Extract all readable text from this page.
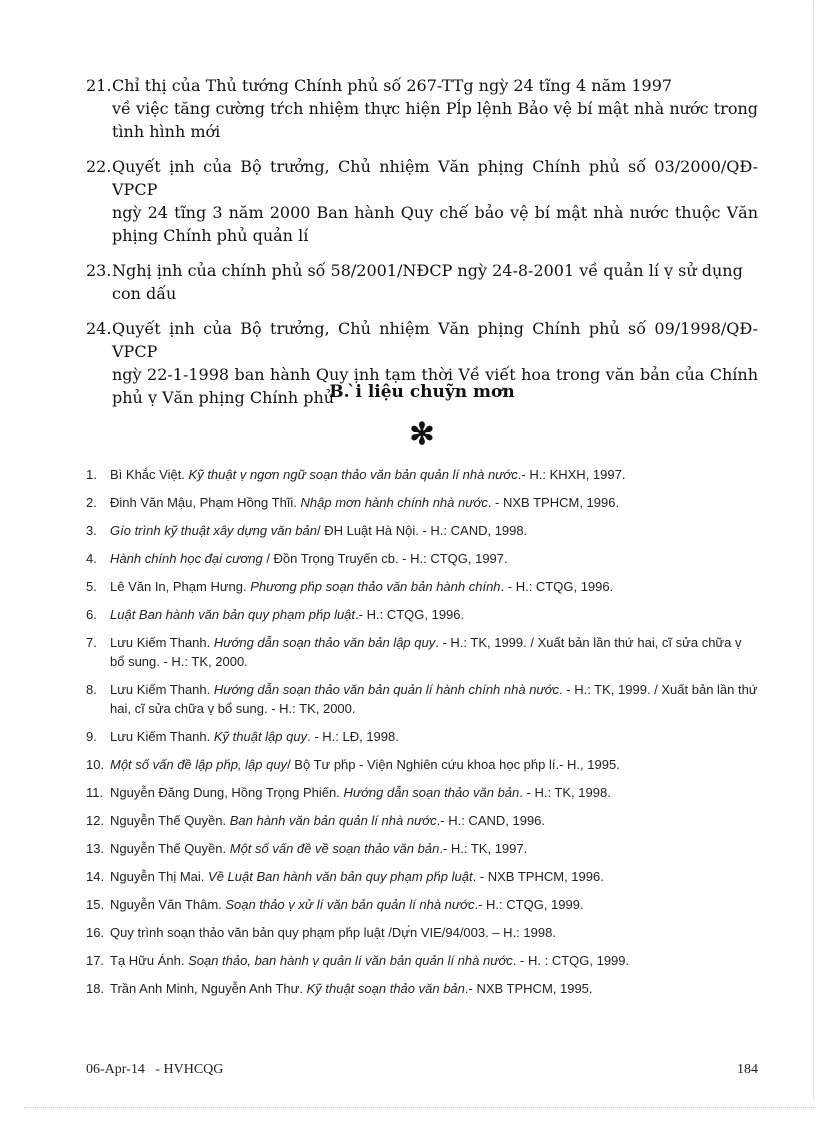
21. Chỉ thị của Thủ tướng Chính phủ số 267-TTg ngỳ 24 tĩng 4 năm 1997
về việc tăng cường tŕch nhiệm thực hiện Pĺp lệnh Bảo vệ bí mật nhà nước trong tình hình mới
22. Quyết ịnh của Bộ trưởng, Chủ nhiệm Văn phịng Chính phủ số 03/2000/QĐ-VPCP
ngỳ 24 tĩng 3 năm 2000 Ban hành Quy chế bảo vệ bí mật nhà nước thuộc Văn phịng Chính phủ quản lí
23. Nghị ịnh của chính phủ số 58/2001/NĐCP ngỳ 24-8-2001 về quản lí ṿ sử dụng
con dấu
24. Quyết ịnh của Bộ trưởng, Chủ nhiệm Văn phịng Chính phủ số 09/1998/QĐ-VPCP
ngỳ 22-1-1998 ban hành Quy ịnh tạm thời Về viết hoa trong văn bản của Chính phủ ṿ Văn phịng Chính phủ
B. ̀i liệu chuỹn mơn
✻
1.	Bì Khắc Việt. Kỹ thuật ṿ ngơn ngữ soạn thảo văn bản quản lí nhà nước.- H.: KHXH, 1997.
2.	Đinh Văn Mậu, Phạm Hồng Thĩi. Nhập mơn hành chính nhà nước. - NXB TPHCM, 1996.
3.	Gío trình kỹ thuật xây dựng văn bản/ ĐH Luật Hà Nội. - H.: CAND, 1998.
4.	Hành chính học đại cương / Đồn Trọng Truyến cb. - H.: CTQG, 1997.
5.	Lê Văn In, Phạm Hưng. Phương ph́p soạn thảo văn bản hành chính. - H.: CTQG, 1996.
6.	Luật Ban hành văn bản quy phạm ph́p luật.- H.: CTQG, 1996.
7.	Lưu Kiếm Thanh. Hướng dẫn soạn thảo văn bản lập quy. - H.: TK, 1999. / Xuất bản lần thứ hai, cĩ sửa chữa ṿ bổ sung. - H.: TK, 2000.
8.	Lưu Kiếm Thanh. Hướng dẫn soạn thảo văn bản quản lí hành chính nhà nước. - H.: TK, 1999. / Xuất bản lần thứ hai, cĩ sửa chữa ṿ bổ sung. - H.: TK, 2000.
9.	Lưu Kiếm Thanh. Kỹ thuật lập quy. - H.: LĐ, 1998.
10. Một số vấn đề lập ph́p, lập quy/ Bộ Tư ph́p - Viện Nghiên cứu khoa học ph́p lí.- H., 1995.
11. Nguyễn Đăng Dung, Hồng Trọng Phiến. Hướng dẫn soạn thảo văn bản. - H.: TK, 1998.
12. Nguyễn Thế Quyền. Ban hành văn bản quản lí nhà nước.- H.: CAND, 1996.
13. Nguyễn Thế Quyền. Một số vấn đề về soạn thảo văn bản.- H.: TK, 1997.
14. Nguyễn Thị Mai. Về Luật Ban hành văn bản quy phạm ph́p luật. - NXB TPHCM, 1996.
15. Nguyễn Văn Thâm. Soạn thảo ṿ xử lí văn bản quản lí nhà nước.- H.: CTQG, 1999.
16. Quy trình soạn thảo văn bản quy phạm ph́p luật /Dự́n VIE/94/003. – H.: 1998.
17. Tạ Hữu Ánh. Soạn thảo, ban hành ṿ quản lí văn bản quản lí nhà nước. - H. : CTQG, 1999.
18. Trần Anh Minh, Nguyễn Anh Thư. Kỹ thuật soạn thảo văn bản.- NXB TPHCM, 1995.
06-Apr-14 - HVHCQG	184
